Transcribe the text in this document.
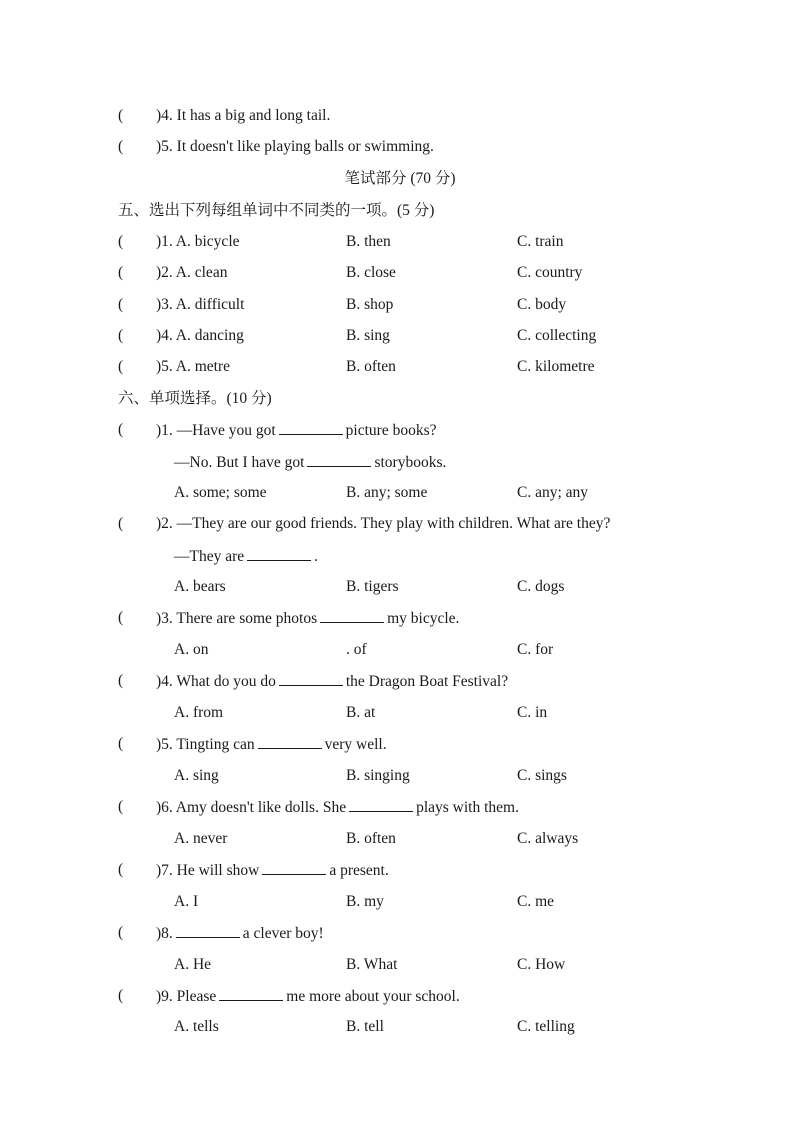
( )4. It has a big and long tail.
( )5. It doesn't like playing balls or swimming.
笔试部分 (70 分)
五、选出下列每组单词中不同类的一项。(5 分)
( )1. A. bicycle	B. then	C. train
( )2. A. clean	B. close	C. country
( )3. A. difficult	B. shop	C. body
( )4. A. dancing	B. sing	C. collecting
( )5. A. metre	B. often	C. kilometre
六、单项选择。(10 分)
( )1. —Have you got	picture books?
—No. But I have got	storybooks.
A. some; some	B. any; some	C. any; any
( )2. —They are our good friends. They play with children. What are they?
—They are	.
A. bears	B. tigers	C. dogs
( )3. There are some photos	my bicycle.
A. on	. of	C. for
( )4. What do you do	the Dragon Boat Festival?
A. from	B. at	C. in
( )5. Tingting can	very well.
A. sing	B. singing	C. sings
( )6. Amy doesn't like dolls. She	plays with them.
A. never	B. often	C. always
( )7. He will show	a present.
A. I	B. my	C. me
( )8.	a clever boy!
A. He	B. What	C. How
( )9. Please	me more about your school.
A. tells	B. tell	C. telling
